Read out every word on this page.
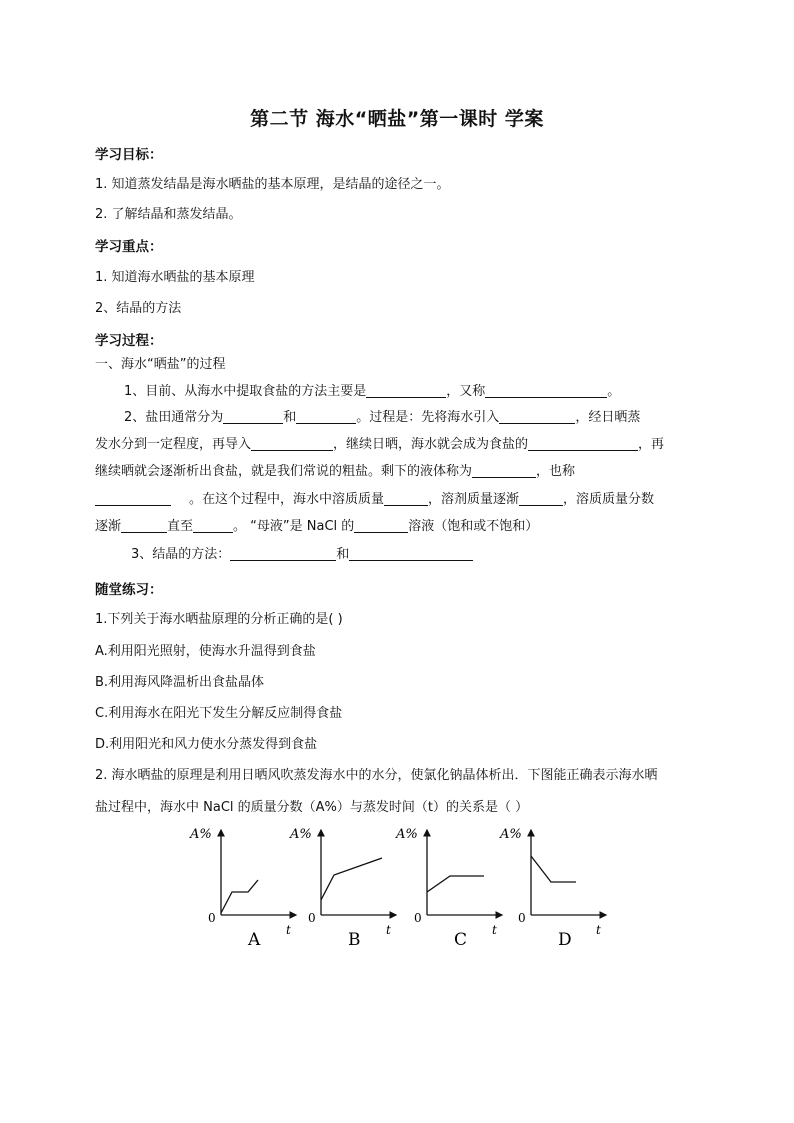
第二节 海水“晒盐”第一课时 学案
学习目标：
1. 知道蒸发结晶是海水晒盐的基本原理，是结晶的途径之一。
2. 了解结晶和蒸发结晶。
学习重点：
1. 知道海水晒盐的基本原理
2、结晶的方法
学习过程：
一、海水“晒盐”的过程
1、目前、从海水中提取食盐的方法主要是	，又称	。
2、盐田通常分为	和	。过程是：先将海水引入	，经日晒蒸
发水分到一定程度，再导入	，继续日晒，海水就会成为食盐的	，再
继续晒就会逐渐析出食盐，就是我们常说的粗盐。剩下的液体称为	，也称
。在这个过程中，海水中溶质质量	，溶剂质量逐渐	，溶质质量分数
逐渐	直至	。 “母液”是 NaCl 的	溶液（饱和或不饱和）
3、结晶的方法：	和
随堂练习：
1.下列关于海水晒盐原理的分析正确的是( )
A.利用阳光照射，使海水升温得到食盐
B.利用海风降温析出食盐晶体
C.利用海水在阳光下发生分解反应制得食盐
D.利用阳光和风力使水分蒸发得到食盐
2. 海水晒盐的原理是利用日晒风吹蒸发海水中的水分，使氯化钠晶体析出．下图能正确表示海水晒
盐过程中，海水中 NaCl 的质量分数（A%）与蒸发时间（t）的关系是（ ）
A%
0
t
A
A%
0
t
B
A%
0
t
C
A%
0
t
D
